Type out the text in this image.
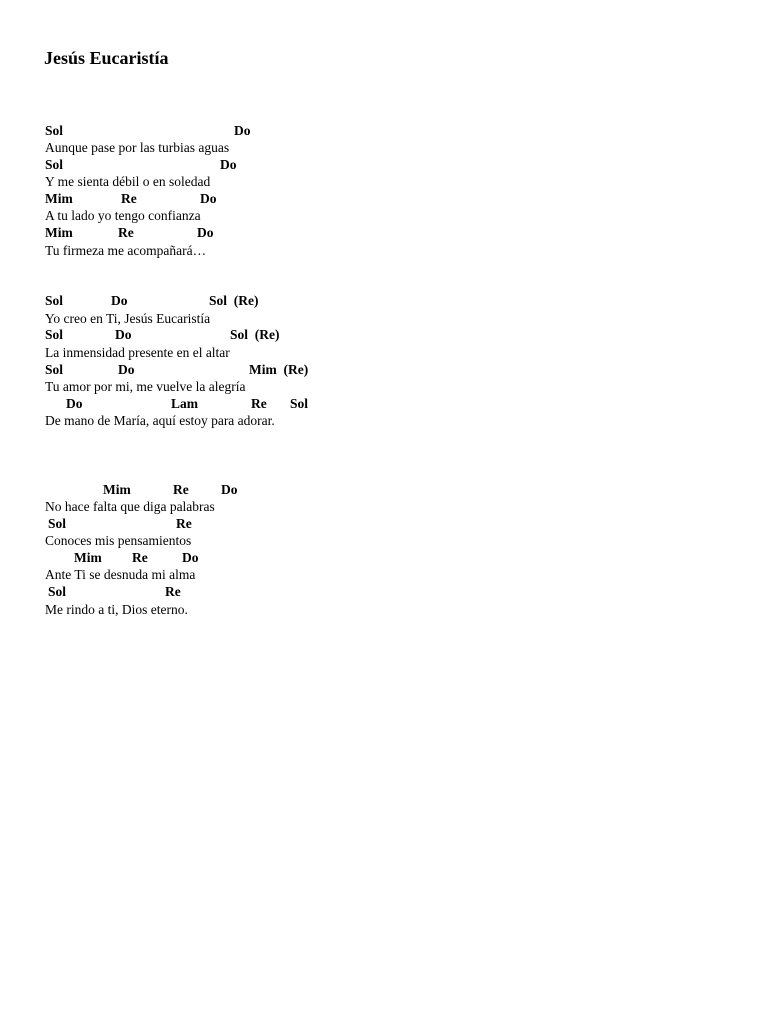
Jesús Eucaristía
Sol	Do
Aunque pase por las turbias aguas
Sol	Do
Y me sienta débil o en soledad
Mim	Re	Do
A tu lado yo tengo confianza
Mim	Re	Do
Tu firmeza me acompañará…
Sol	Do	Sol  (Re)
Yo creo en Ti, Jesús Eucaristía
Sol	Do	Sol  (Re)
La inmensidad presente en el altar
Sol	Do	Mim  (Re)
Tu amor por mi, me vuelve la alegría
Do	Lam	Re Sol
De mano de María, aquí estoy para adorar.
Mim	Re Do
No hace falta que diga palabras
Sol	Re
Conoces mis pensamientos
Mim Re	Do
Ante Ti se desnuda mi alma
Sol	Re
Me rindo a ti, Dios eterno.
